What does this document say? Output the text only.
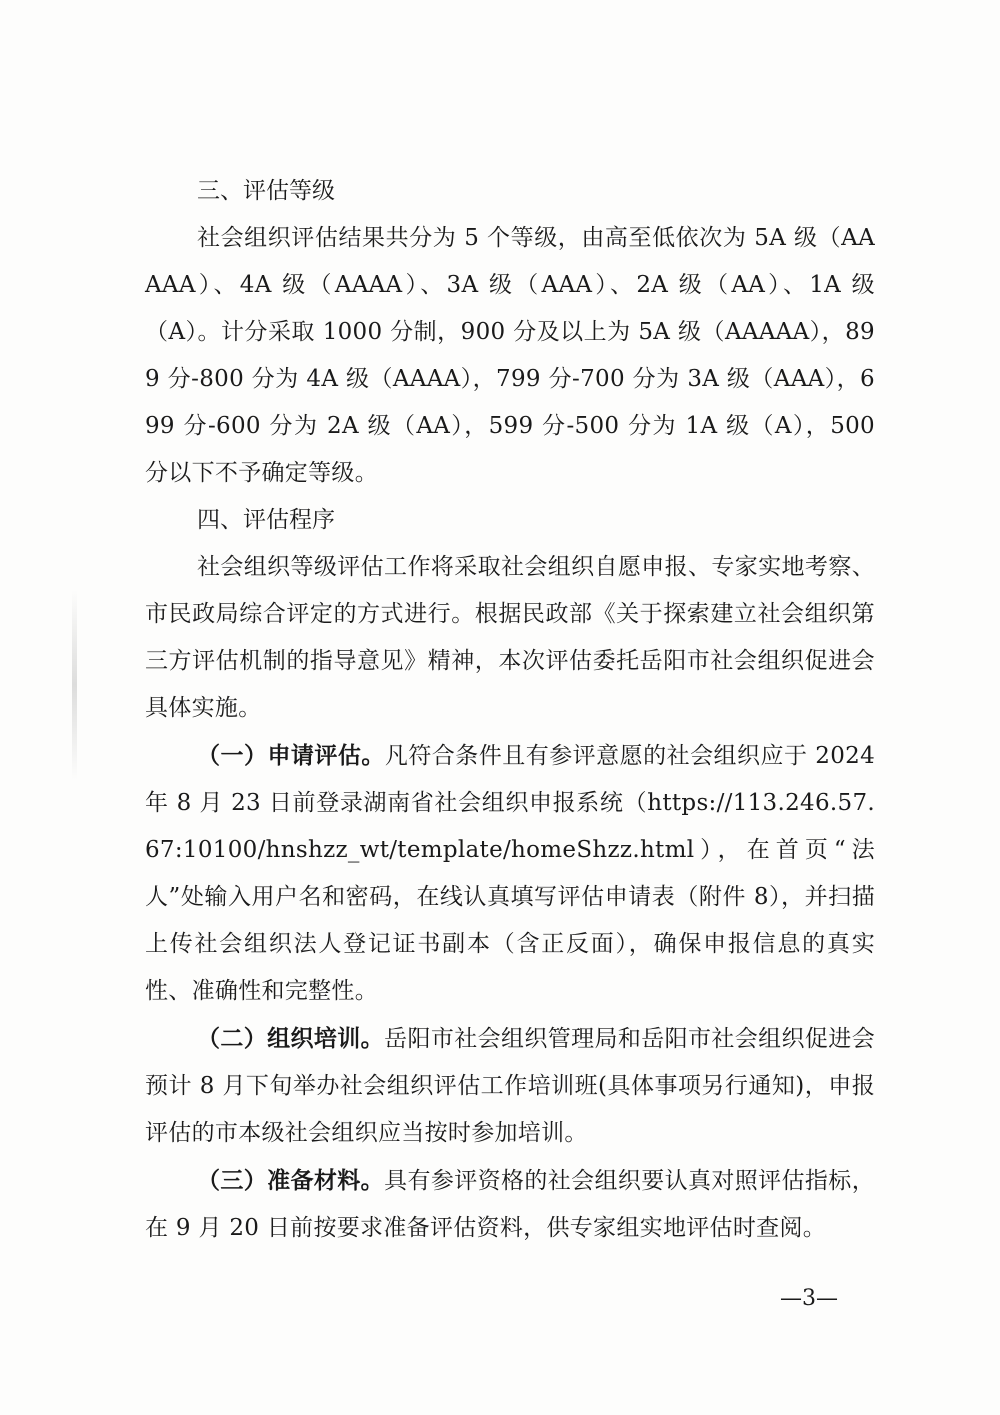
三、评估等级

社会组织评估结果共分为 5 个等级，由高至低依次为 5A 级（AAAAA）、4A 级（AAAA）、3A 级（AAA）、2A 级（AA）、1A 级（A）。计分采取 1000 分制，900 分及以上为 5A 级（AAAAA），899 分-800 分为 4A 级（AAAA），799 分-700 分为 3A 级（AAA），699 分-600 分为 2A 级（AA），599 分-500 分为 1A 级（A），500 分以下不予确定等级。

四、评估程序

社会组织等级评估工作将采取社会组织自愿申报、专家实地考察、市民政局综合评定的方式进行。根据民政部《关于探索建立社会组织第三方评估机制的指导意见》精神，本次评估委托岳阳市社会组织促进会具体实施。

（一）申请评估。凡符合条件且有参评意愿的社会组织应于 2024 年 8 月 23 日前登录湖南省社会组织申报系统（https://113.246.57.67:10100/hnshzz_wt/template/homeShzz.html），在首页“法人”处输入用户名和密码，在线认真填写评估申请表（附件 8），并扫描上传社会组织法人登记证书副本（含正反面），确保申报信息的真实性、准确性和完整性。

（二）组织培训。岳阳市社会组织管理局和岳阳市社会组织促进会预计 8 月下旬举办社会组织评估工作培训班(具体事项另行通知)，申报评估的市本级社会组织应当按时参加培训。

（三）准备材料。具有参评资格的社会组织要认真对照评估指标，在 9 月 20 日前按要求准备评估资料，供专家组实地评估时查阅。

—3—
